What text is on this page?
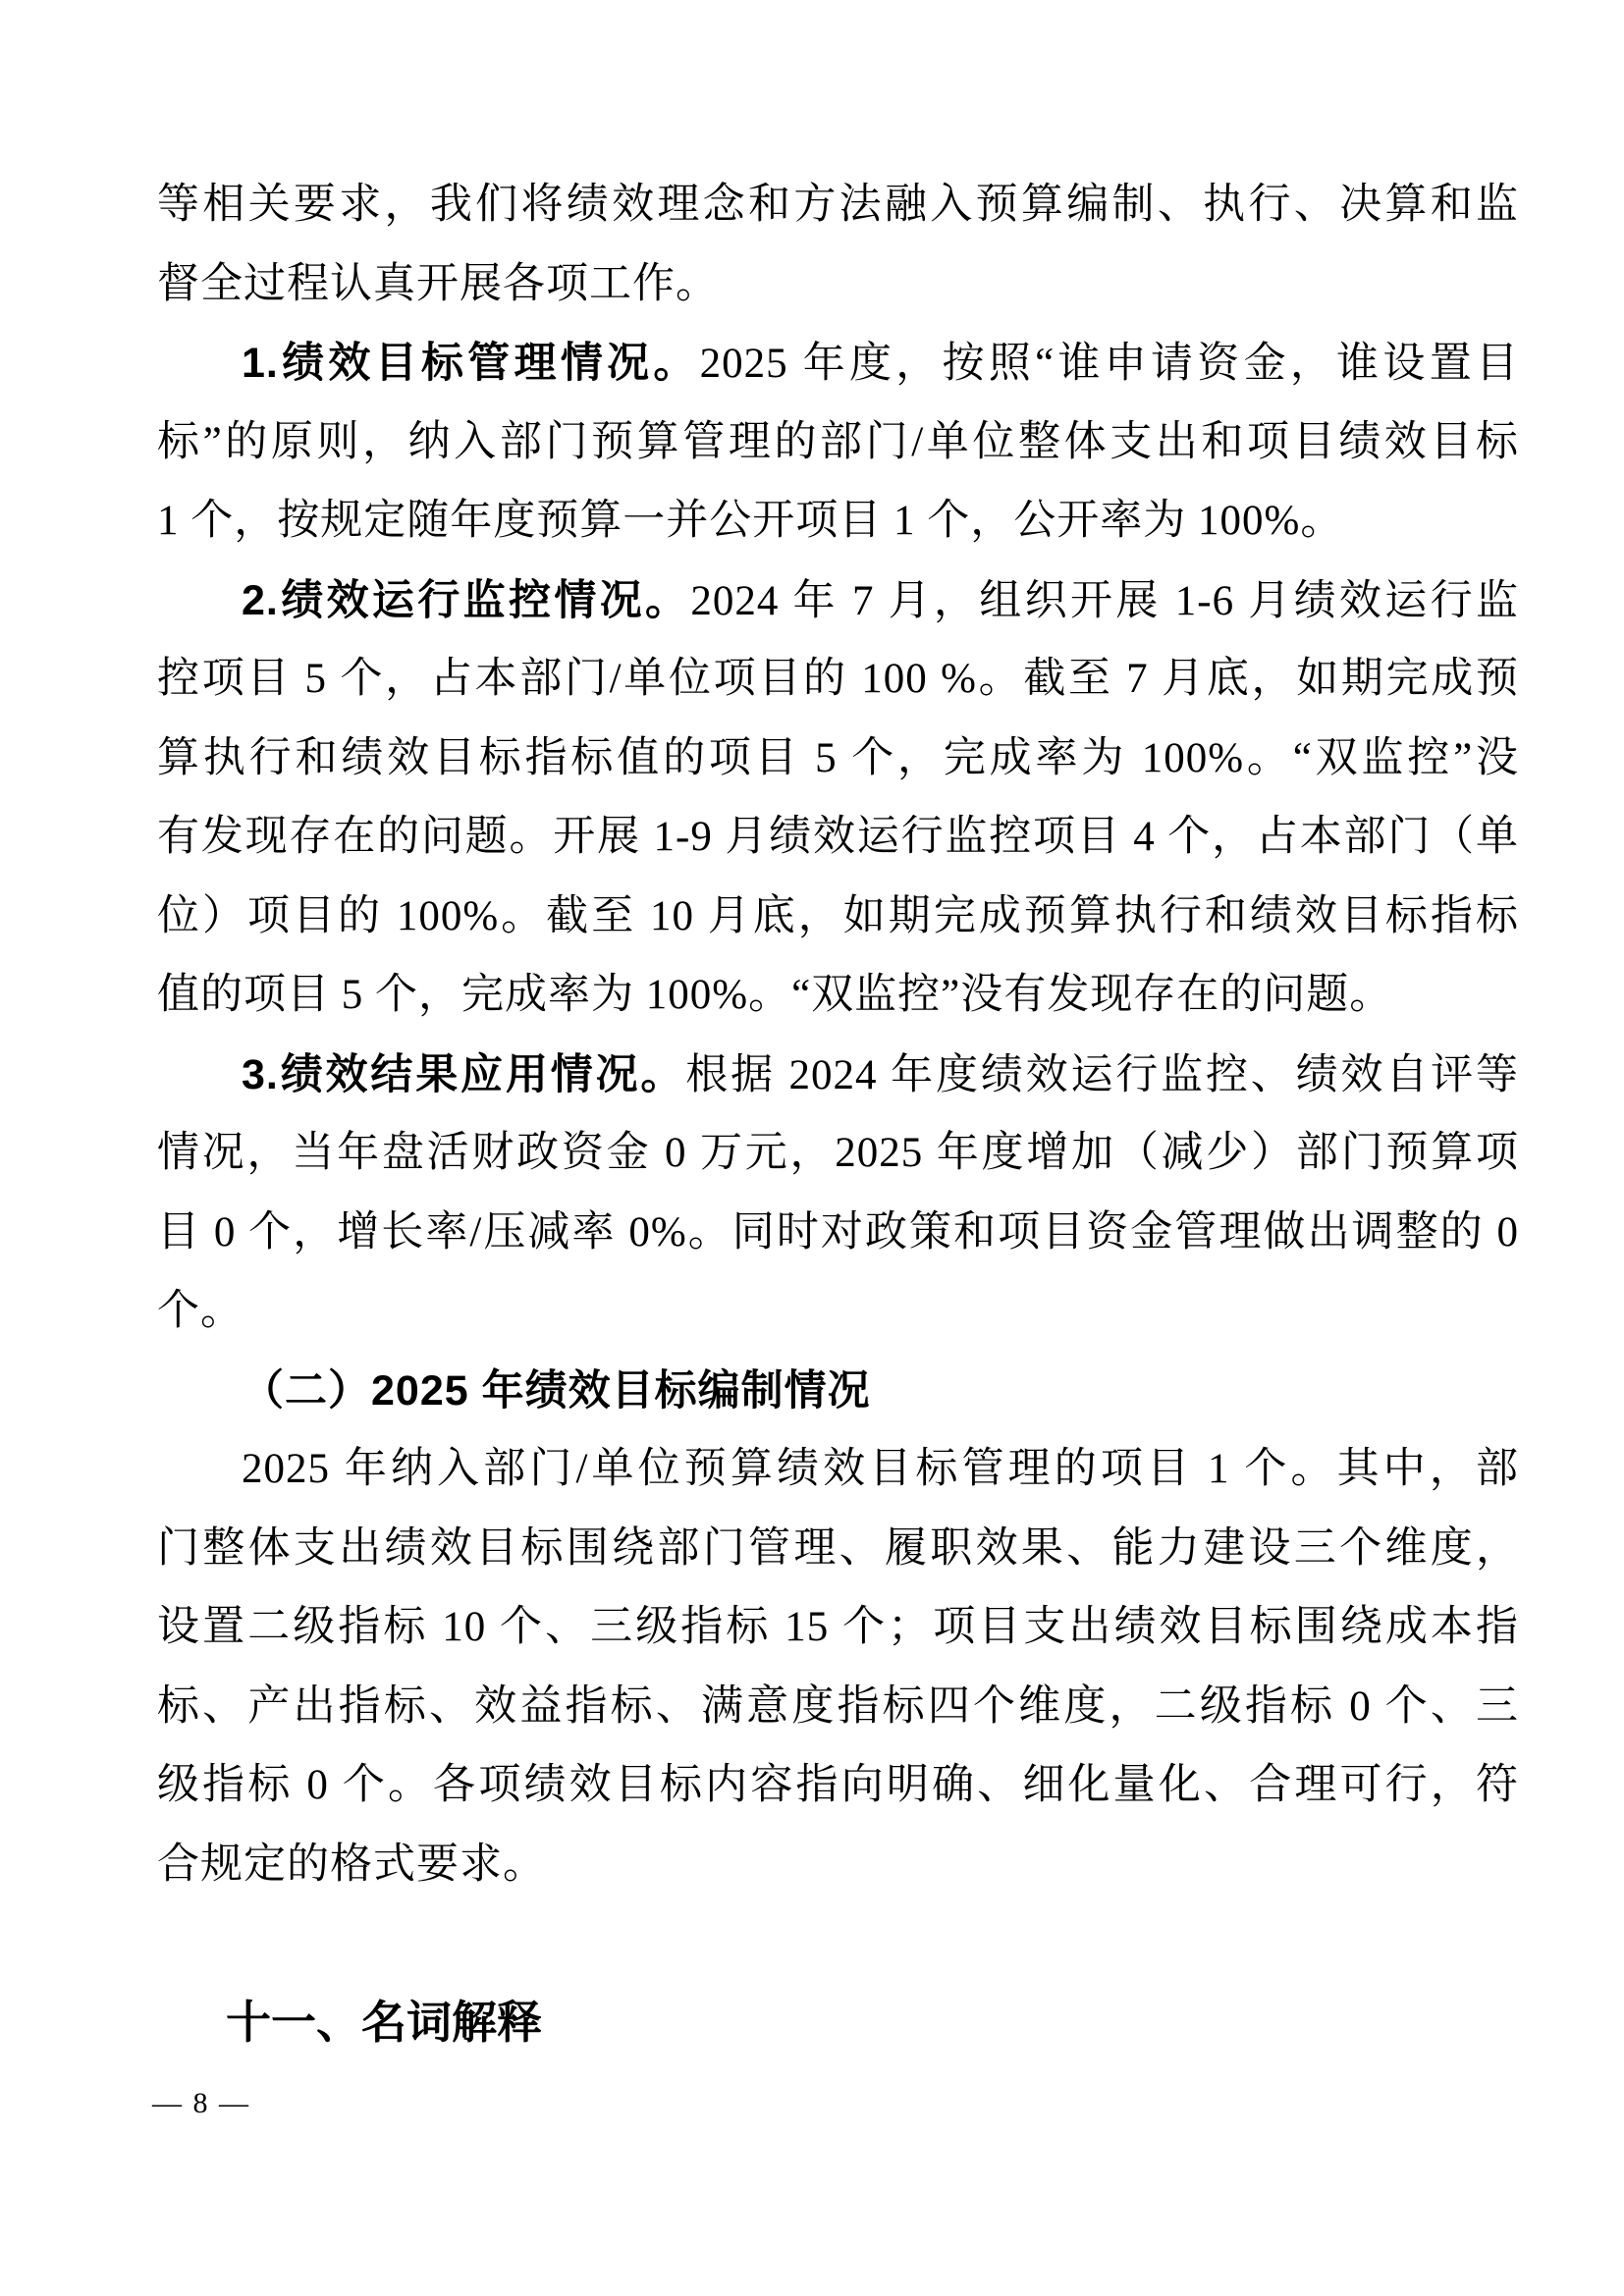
等相关要求，我们将绩效理念和方法融入预算编制、执行、决算和监
督全过程认真开展各项工作。
1.绩效目标管理情况。2025 年度，按照“谁申请资金，谁设置目
标”的原则，纳入部门预算管理的部门/单位整体支出和项目绩效目标
1 个，按规定随年度预算一并公开项目 1 个，公开率为 100%。
2.绩效运行监控情况。2024 年 7 月，组织开展 1-6 月绩效运行监
控项目 5 个，占本部门/单位项目的 100 %。截至 7 月底，如期完成预
算执行和绩效目标指标值的项目 5 个，完成率为 100%。“双监控”没
有发现存在的问题。开展 1-9 月绩效运行监控项目 4 个，占本部门（单
位）项目的 100%。截至 10 月底，如期完成预算执行和绩效目标指标
值的项目 5 个，完成率为 100%。“双监控”没有发现存在的问题。
3.绩效结果应用情况。根据 2024 年度绩效运行监控、绩效自评等
情况，当年盘活财政资金 0 万元，2025 年度增加（减少）部门预算项
目 0 个，增长率/压减率 0%。同时对政策和项目资金管理做出调整的 0
个。
（二）2025 年绩效目标编制情况
2025 年纳入部门/单位预算绩效目标管理的项目 1 个。其中，部
门整体支出绩效目标围绕部门管理、履职效果、能力建设三个维度，
设置二级指标 10 个、三级指标 15 个；项目支出绩效目标围绕成本指
标、产出指标、效益指标、满意度指标四个维度，二级指标 0 个、三
级指标 0 个。各项绩效目标内容指向明确、细化量化、合理可行，符
合规定的格式要求。
十一、名词解释
— 8 —
